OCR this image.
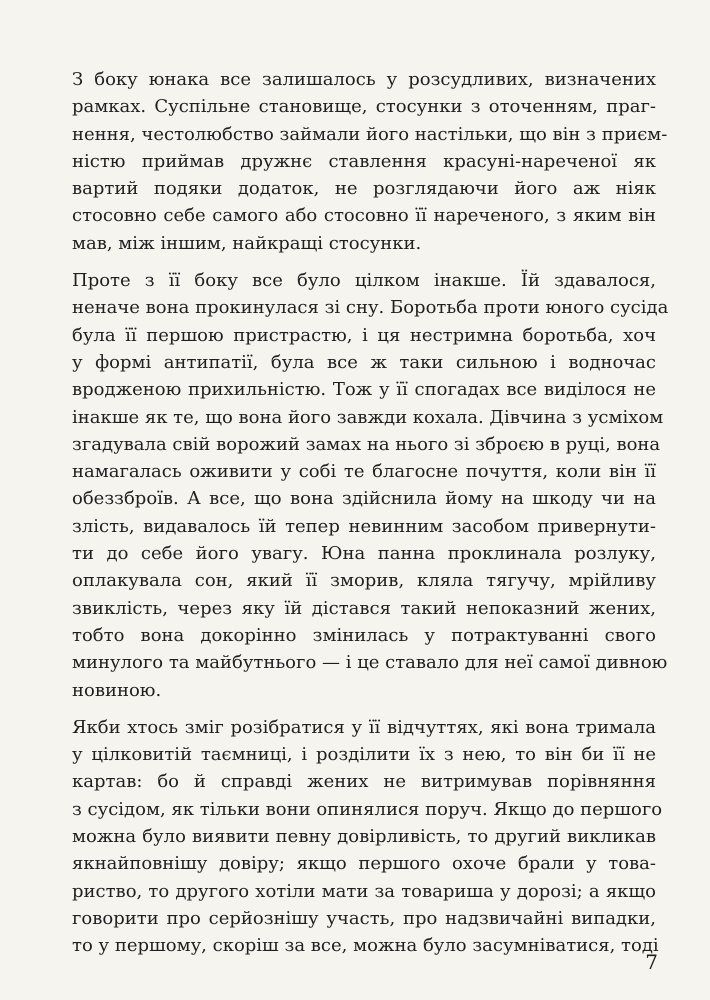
З боку юнака все залишалось у розсудливих, визначених
рамках. Суспільне становище, стосунки з оточенням, праг-
нення, честолюбство займали його настільки, що він з приєм-
ністю приймав дружнє ставлення красуні-нареченої як
вартий подяки додаток, не розглядаючи його аж ніяк
стосовно себе самого або стосовно її нареченого, з яким він
мав, між іншим, найкращі стосунки.

Проте з її боку все було цілком інакше. Їй здавалося,
неначе вона прокинулася зі сну. Боротьба проти юного сусіда
була її першою пристрастю, і ця нестримна боротьба, хоч
у формі антипатії, була все ж таки сильною і водночас
вродженою прихильністю. Тож у її спогадах все виділося не
інакше як те, що вона його завжди кохала. Дівчина з усміхом
згадувала свій ворожий замах на нього зі зброєю в руці, вона
намагалась оживити у собі те благосне почуття, коли він її
обеззброїв. А все, що вона здійснила йому на шкоду чи на
злість, видавалось їй тепер невинним засобом привернути-
ти до себе його увагу. Юна панна проклинала розлуку,
оплакувала сон, який її зморив, кляла тягучу, мрійливу
звиклість, через яку їй дістався такий непоказний жених,
тобто вона докорінно змінилась у потрактуванні свого
минулого та майбутнього — і це ставало для неї самої дивною
новиною.

Якби хтось зміг розібратися у її відчуттях, які вона тримала
у цілковитій таємниці, і розділити їх з нею, то він би її не
картав: бо й справді жених не витримував порівняння
з сусідом, як тільки вони опинялися поруч. Якщо до першого
можна було виявити певну довірливість, то другий викликав
якнайповнішу довіру; якщо першого охоче брали у това-
риство, то другого хотіли мати за товариша у дорозі; а якщо
говорити про серйознішу участь, про надзвичайні випадки,
то у першому, скоріш за все, можна було засумніватися, тоді

7
